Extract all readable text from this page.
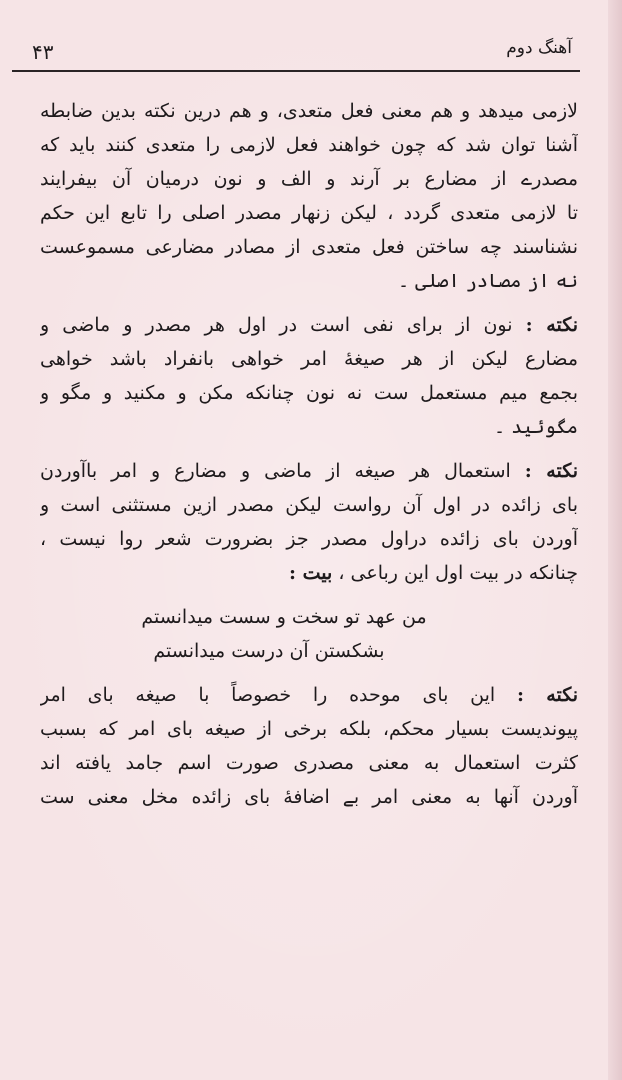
آهنگ دوم
۴۳
لازمی میدهد و هم معنی فعل متعدی، و هم درین نکته بدین ضابطه
آشنا توان شد که چون خواهند فعل لازمی را متعدی کنند باید که
مصدرے از مضارع بر آرند و الف و نون درمیان آن بیفرایند
تا لازمی متعدی گردد ، لیکن زنهار مصدر اصلی را تابع این حکم
نشناسند چه ساختن فعل متعدی از مصادر مضارعی مسموعست
نه از مصادر اصلی ۔
نکته : نون از برای نفی است در اول هر مصدر و ماضی و
مضارع لیکن از هر صیغهٔ امر خواهی بانفراد باشد خواهی
بجمع میم مستعمل ست نه نون چنانکه مکن و مکنید و مگو و
مگوئید ۔
نکته : استعمال هر صیغه از ماضی و مضارع و امر باآوردن
بای زائده در اول آن رواست لیکن مصدر ازین مستثنی است و
آوردن بای زائده دراول مصدر جز بضرورت شعر روا نیست ،
چنانکه در بیت اول این رباعی ، بیت :
من عهد تو سخت و سست میدانستم
بشکستن آن درست میدانستم
نکته : این بای موحده را خصوصاً با صیغه بای امر
پیوندیست بسیار محکم، بلکه برخی از صیغه بای امر که بسبب
کثرت استعمال به معنی مصدری صورت اسم جامد یافته اند
آوردن آنها به معنی امر بے اضافهٔ بای زائده مخل معنی ست
